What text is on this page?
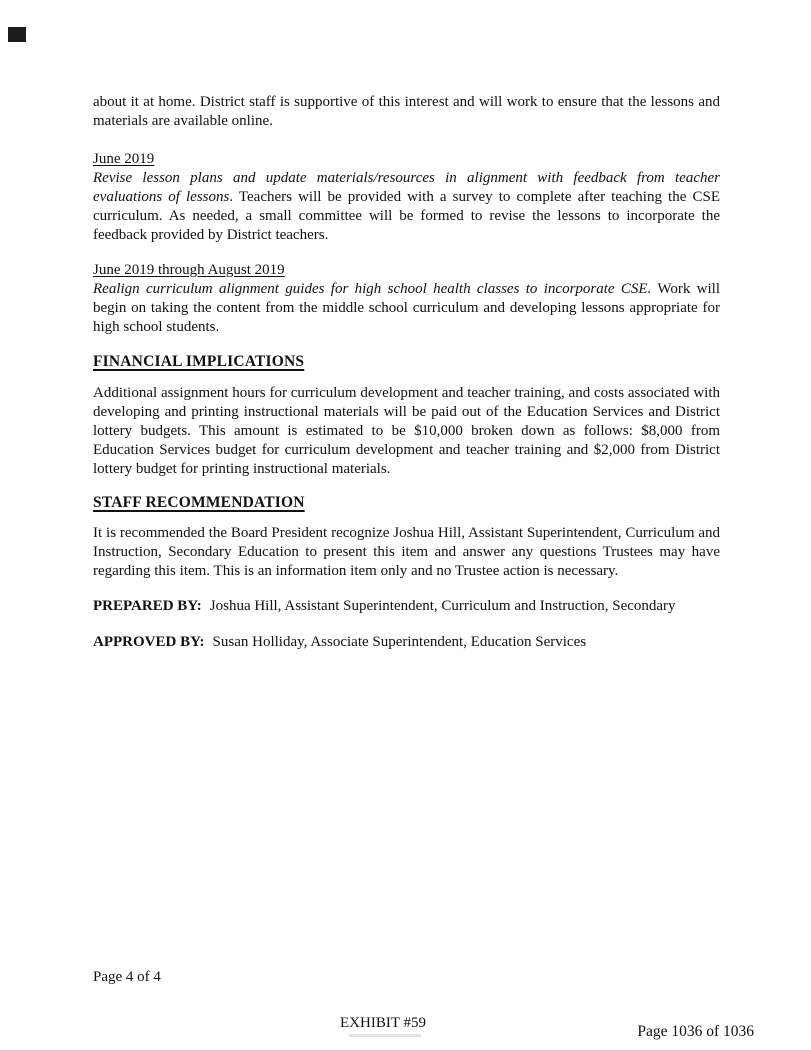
about it at home. District staff is supportive of this interest and will work to ensure that the lessons and materials are available online.

June 2019

Revise lesson plans and update materials/resources in alignment with feedback from teacher evaluations of lessons. Teachers will be provided with a survey to complete after teaching the CSE curriculum. As needed, a small committee will be formed to revise the lessons to incorporate the feedback provided by District teachers.

June 2019 through August 2019

Realign curriculum alignment guides for high school health classes to incorporate CSE. Work will begin on taking the content from the middle school curriculum and developing lessons appropriate for high school students.

FINANCIAL IMPLICATIONS

Additional assignment hours for curriculum development and teacher training, and costs associated with developing and printing instructional materials will be paid out of the Education Services and District lottery budgets. This amount is estimated to be $10,000 broken down as follows: $8,000 from Education Services budget for curriculum development and teacher training and $2,000 from District lottery budget for printing instructional materials.

STAFF RECOMMENDATION

It is recommended the Board President recognize Joshua Hill, Assistant Superintendent, Curriculum and Instruction, Secondary Education to present this item and answer any questions Trustees may have regarding this item. This is an information item only and no Trustee action is necessary.

PREPARED BY: Joshua Hill, Assistant Superintendent, Curriculum and Instruction, Secondary

APPROVED BY: Susan Holliday, Associate Superintendent, Education Services

Page 4 of 4
EXHIBIT #59	Page 1036 of 1036
